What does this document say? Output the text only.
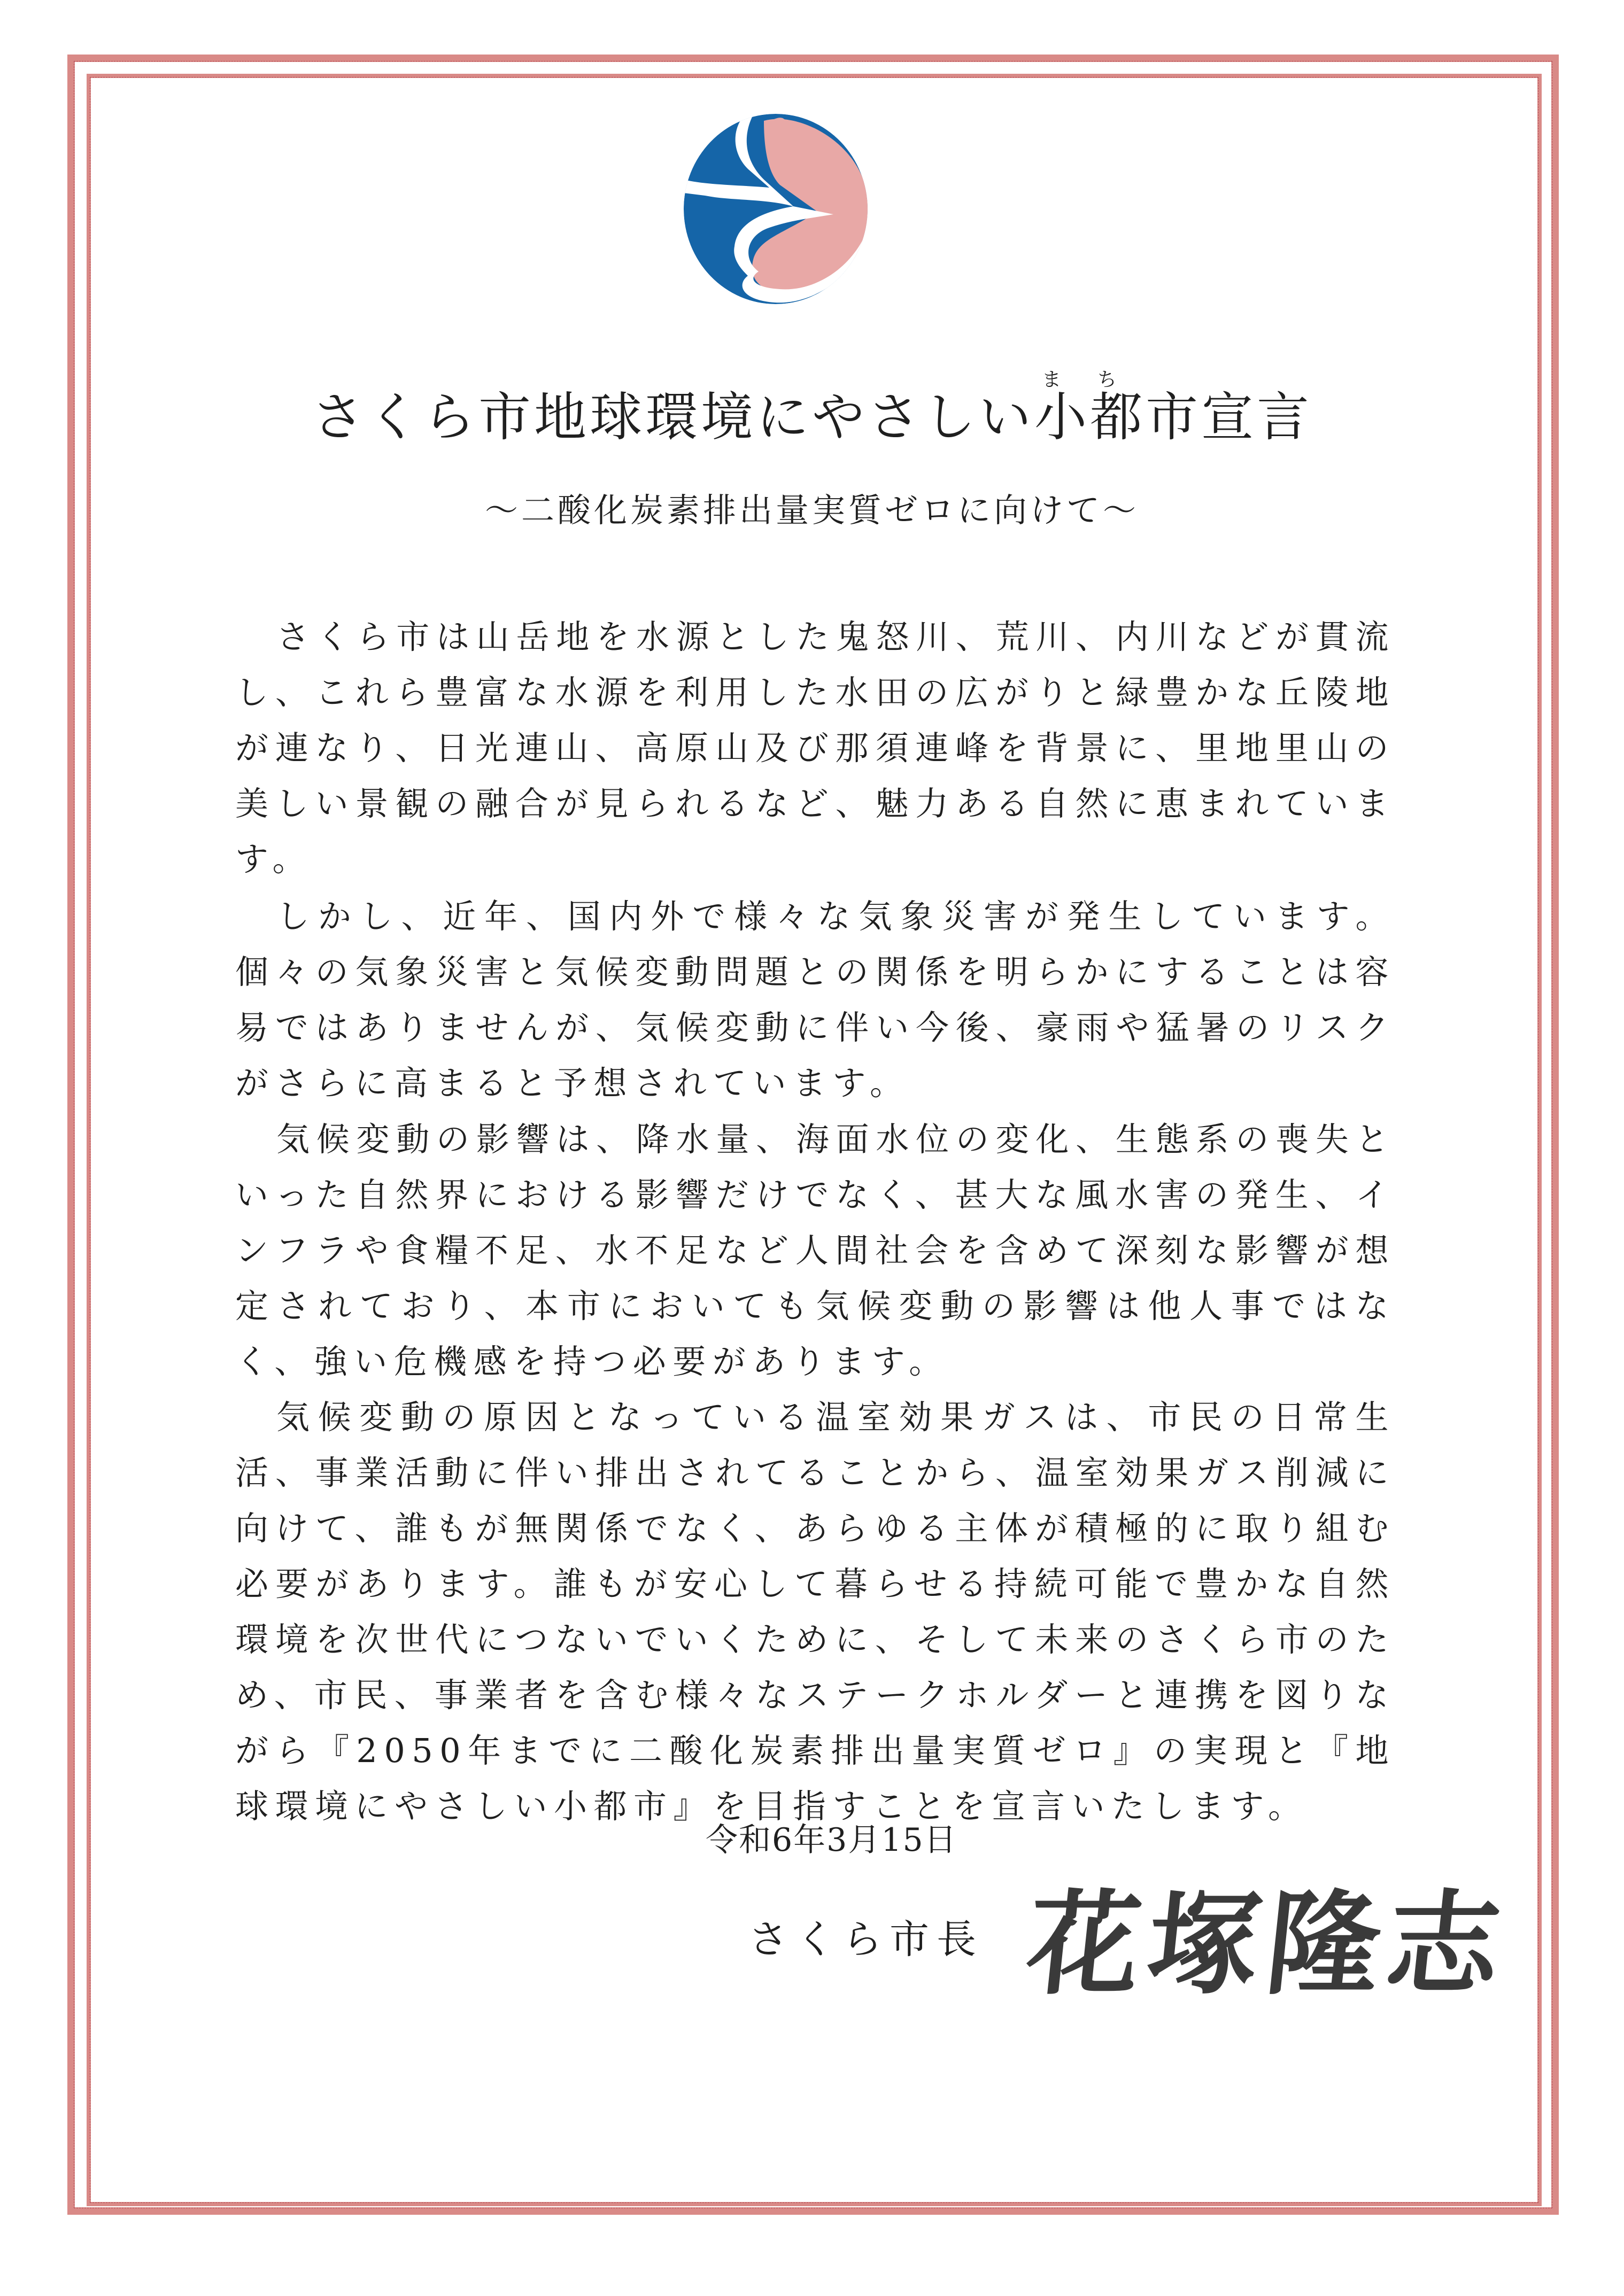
さくら市地球環境にやさしい小都まち市宣言
～二酸化炭素排出量実質ゼロに向けて～

さくら市は山岳地を水源とした鬼怒川、荒川、内川などが貫流し、これら豊富な水源を利用した水田の広がりと緑豊かな丘陵地が連なり、日光連山、高原山及び那須連峰を背景に、里地里山の美しい景観の融合が見られるなど、魅力ある自然に恵まれています。

しかし、近年、国内外で様々な気象災害が発生しています。個々の気象災害と気候変動問題との関係を明らかにすることは容易ではありませんが、気候変動に伴い今後、豪雨や猛暑のリスクがさらに高まると予想されています。

気候変動の影響は、降水量、海面水位の変化、生態系の喪失といった自然界における影響だけでなく、甚大な風水害の発生、インフラや食糧不足、水不足など人間社会を含めて深刻な影響が想定されており、本市においても気候変動の影響は他人事ではなく、強い危機感を持つ必要があります。

気候変動の原因となっている温室効果ガスは、市民の日常生活、事業活動に伴い排出されてることから、温室効果ガス削減に向けて、誰もが無関係でなく、あらゆる主体が積極的に取り組む必要があります。誰もが安心して暮らせる持続可能で豊かな自然環境を次世代につないでいくために、そして未来のさくら市のため、市民、事業者を含む様々なステークホルダーと連携を図りながら『2050年までに二酸化炭素排出量実質ゼロ』の実現と『地球環境にやさしい小都市』を目指すことを宣言いたします。

令和6年3月15日
さくら市長 花塚隆志
